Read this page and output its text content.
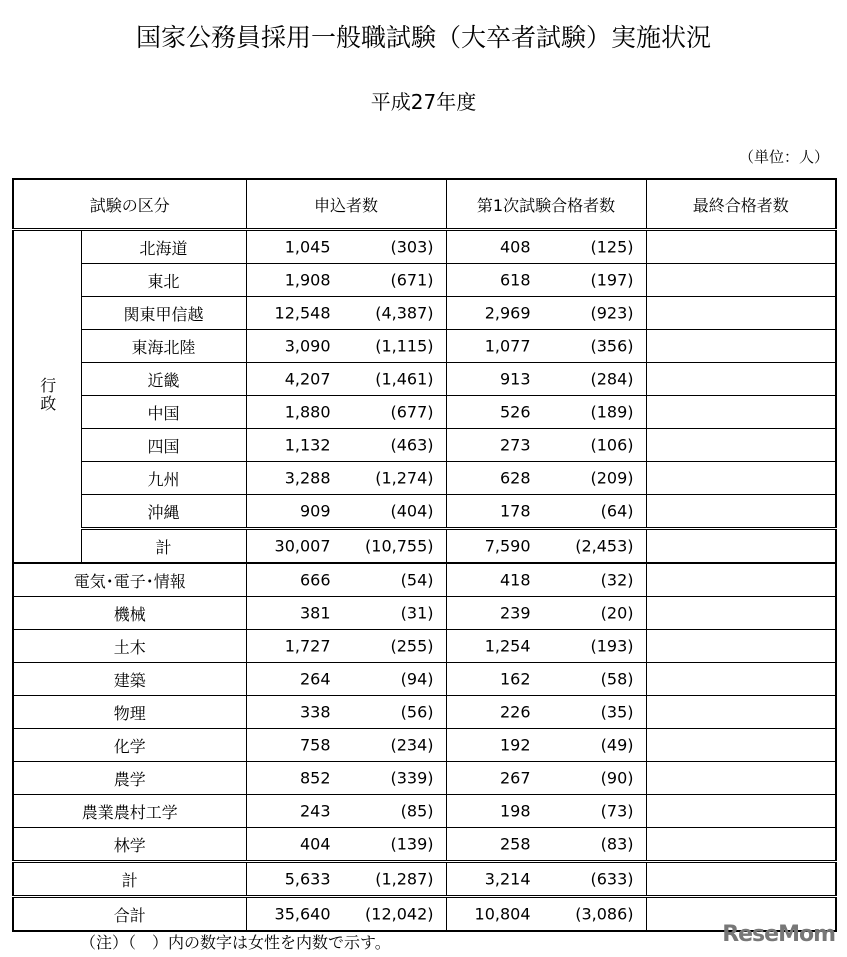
国家公務員採用一般職試験（大卒者試験）実施状況
平成27年度
（単位：人）
試験の区分		申込者数	第1次試験合格者数	最終合格者数
行政	北海道	1,045 (303)	408 (125)	

	東北	1,908 (671)	618 (197)	

	関東甲信越	12,548 (4,387)	2,969 (923)	

	東海北陸	3,090 (1,115)	1,077 (356)	

	近畿	4,207 (1,461)	913 (284)	

	中国	1,880 (677)	526 (189)	

	四国	1,132 (463)	273 (106)	

	九州	3,288 (1,274)	628 (209)	

	沖縄	909 (404)	178 (64)	

	計	30,007 (10,755)	7,590 (2,453)	

電気･電子･情報		666 (54)	418 (32)	

機械		381 (31)	239 (20)	

土木		1,727 (255)	1,254 (193)	

建築		264 (94)	162 (58)	

物理		338 (56)	226 (35)	

化学		758 (234)	192 (49)	

農学		852 (339)	267 (90)	

農業農村工学		243 (85)	198 (73)	

林学		404 (139)	258 (83)	

計		5,633 (1,287)	3,214 (633)	

合計		35,640 (12,042)	10,804 (3,086)	

（注）（　）内の数字は女性を内数で示す。	ReseMom
